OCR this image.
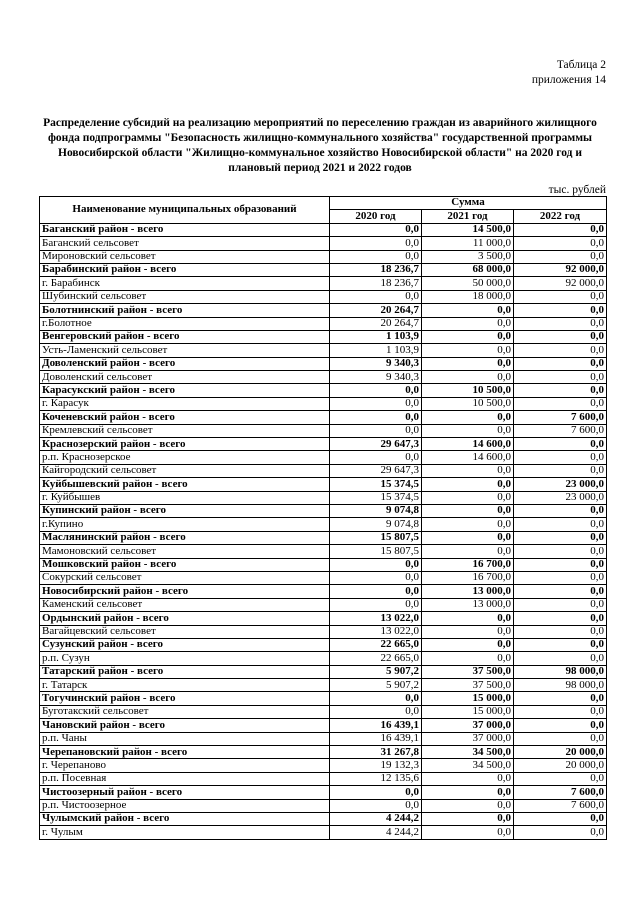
Таблица 2
приложения 14
Распределение субсидий на реализацию мероприятий по переселению граждан из аварийного жилищного
фонда подпрограммы "Безопасность жилищно-коммунального хозяйства" государственной программы
Новосибирской области "Жилищно-коммунальное хозяйство Новосибирской области" на 2020 год и
плановый период 2021 и 2022 годов
тыс. рублей
Наименование муниципальных образований	Сумма		
	2020 год	2021 год	2022 год
Баганский район - всего	0,0	14 500,0	0,0
Баганский сельсовет	0,0	11 000,0	0,0
Мироновский сельсовет	0,0	3 500,0	0,0
Барабинский район - всего	18 236,7	68 000,0	92 000,0
г. Барабинск	18 236,7	50 000,0	92 000,0
Шубинский сельсовет	0,0	18 000,0	0,0
Болотнинский район - всего	20 264,7	0,0	0,0
г.Болотное	20 264,7	0,0	0,0
Венгеровский район - всего	1 103,9	0,0	0,0
Усть-Ламенский сельсовет	1 103,9	0,0	0,0
Доволенский район - всего	9 340,3	0,0	0,0
Доволенский сельсовет	9 340,3	0,0	0,0
Карасукский район - всего	0,0	10 500,0	0,0
г. Карасук	0,0	10 500,0	0,0
Коченевский район - всего	0,0	0,0	7 600,0
Кремлевский сельсовет	0,0	0,0	7 600,0
Краснозерский район - всего	29 647,3	14 600,0	0,0
р.п. Краснозерское	0,0	14 600,0	0,0
Кайгородский сельсовет	29 647,3	0,0	0,0
Куйбышевский район - всего	15 374,5	0,0	23 000,0
г. Куйбышев	15 374,5	0,0	23 000,0
Купинский район - всего	9 074,8	0,0	0,0
г.Купино	9 074,8	0,0	0,0
Маслянинский район - всего	15 807,5	0,0	0,0
Мамоновский сельсовет	15 807,5	0,0	0,0
Мошковский район - всего	0,0	16 700,0	0,0
Сокурский сельсовет	0,0	16 700,0	0,0
Новосибирский район - всего	0,0	13 000,0	0,0
Каменский сельсовет	0,0	13 000,0	0,0
Ордынский район - всего	13 022,0	0,0	0,0
Вагайцевский сельсовет	13 022,0	0,0	0,0
Сузунский район - всего	22 665,0	0,0	0,0
р.п. Сузун	22 665,0	0,0	0,0
Татарский район - всего	5 907,2	37 500,0	98 000,0
г. Татарск	5 907,2	37 500,0	98 000,0
Тогучинский район - всего	0,0	15 000,0	0,0
Буготакский сельсовет	0,0	15 000,0	0,0
Чановский район - всего	16 439,1	37 000,0	0,0
р.п. Чаны	16 439,1	37 000,0	0,0
Черепановский район - всего	31 267,8	34 500,0	20 000,0
г. Черепаново	19 132,3	34 500,0	20 000,0
р.п. Посевная	12 135,6	0,0	0,0
Чистоозерный район - всего	0,0	0,0	7 600,0
р.п. Чистоозерное	0,0	0,0	7 600,0
Чулымский район - всего	4 244,2	0,0	0,0
г. Чулым	4 244,2	0,0	0,0
